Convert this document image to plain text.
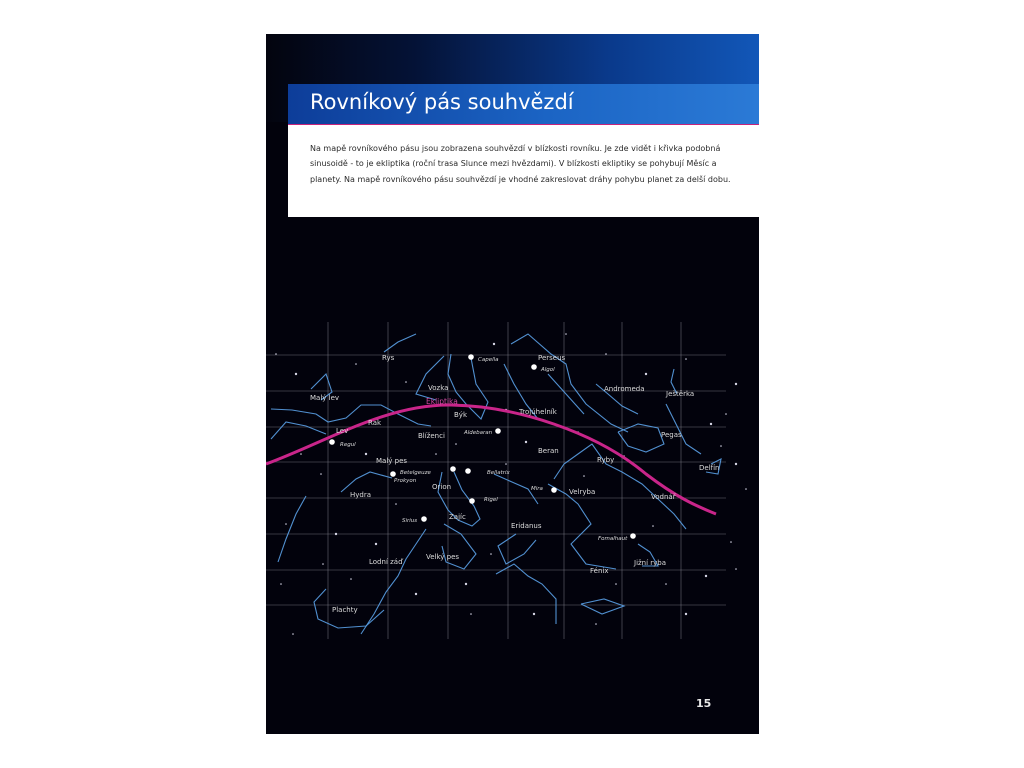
Rovníkový pás souhvězdí

Na mapě rovníkového pásu jsou zobrazena souhvězdí v blízkosti rovníku. Je zde vidět i křivka podobná sinusoidě - to je ekliptika (roční trasa Slunce mezi hvězdami). V blízkosti ekliptiky se pohybují Měsíc a planety. Na mapě rovníkového pásu souhvězdí je vhodné zakreslovat dráhy pohybu planet za delší dobu.

Ekliptika
Rys
Vozka
Perseus
Andromeda
Ještěrka
Malý lev
Trojúhelník
Lev
Rak
Býk
Pegas
Blíženci
Beran
Malý pes	Ryby
Delfín
Orion
Hydra	Velryba
Vodnář
Zajíc
Eridanus
Lodní záď
Velký pes
Jižní ryba
Fénix
Plachty
Capella
Algol
Aldebaran
Regul
Betelgeuze	Bellatrix
Prokyon
Rigel
Mira
Sirius
Fomalhaut
15
